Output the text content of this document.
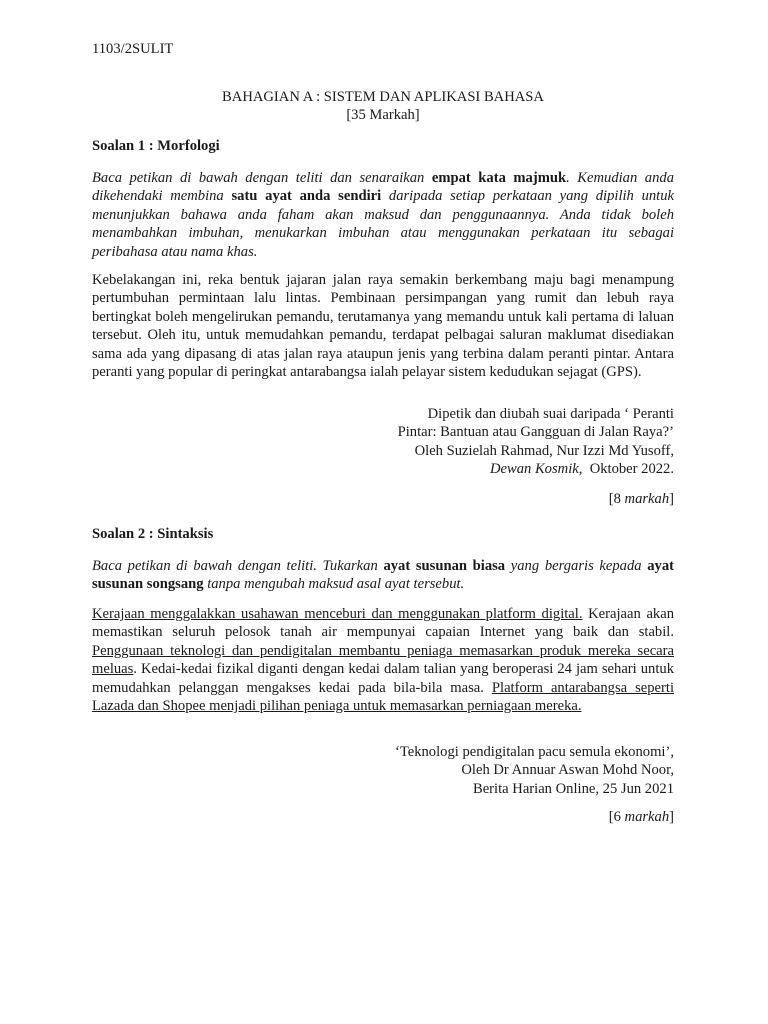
1103/2SULIT
BAHAGIAN A : SISTEM DAN APLIKASI BAHASA
[35 Markah]
Soalan 1 : Morfologi
Baca petikan di bawah dengan teliti dan senaraikan empat kata majmuk. Kemudian anda dikehendaki membina satu ayat anda sendiri daripada setiap perkataan yang dipilih untuk menunjukkan bahawa anda faham akan maksud dan penggunaannya. Anda tidak boleh menambahkan imbuhan, menukarkan imbuhan atau menggunakan perkataan itu sebagai peribahasa atau nama khas.
Kebelakangan ini, reka bentuk jajaran jalan raya semakin berkembang maju bagi menampung pertumbuhan permintaan lalu lintas. Pembinaan persimpangan yang rumit dan lebuh raya bertingkat boleh mengelirukan pemandu, terutamanya yang memandu untuk kali pertama di laluan tersebut. Oleh itu, untuk memudahkan pemandu, terdapat pelbagai saluran maklumat disediakan sama ada yang dipasang di atas jalan raya ataupun jenis yang terbina dalam peranti pintar. Antara peranti yang popular di peringkat antarabangsa ialah pelayar sistem kedudukan sejagat (GPS).
Dipetik dan diubah suai daripada ‘ Peranti
Pintar: Bantuan atau Gangguan di Jalan Raya?’
Oleh Suzielah Rahmad, Nur Izzi Md Yusoff,
Dewan Kosmik,  Oktober 2022.
[8 markah]
Soalan 2 : Sintaksis
Baca petikan di bawah dengan teliti. Tukarkan ayat susunan biasa yang bergaris kepada ayat susunan songsang tanpa mengubah maksud asal ayat tersebut.
Kerajaan menggalakkan usahawan menceburi dan menggunakan platform digital. Kerajaan akan memastikan seluruh pelosok tanah air mempunyai capaian Internet yang baik dan stabil. Penggunaan teknologi dan pendigitalan membantu peniaga memasarkan produk mereka secara meluas. Kedai-kedai fizikal diganti dengan kedai dalam talian yang beroperasi 24 jam sehari untuk memudahkan pelanggan mengakses kedai pada bila-bila masa. Platform antarabangsa seperti Lazada dan Shopee menjadi pilihan peniaga untuk memasarkan perniagaan mereka.
‘Teknologi pendigitalan pacu semula ekonomi’,
Oleh Dr Annuar Aswan Mohd Noor,
Berita Harian Online, 25 Jun 2021
[6 markah]
